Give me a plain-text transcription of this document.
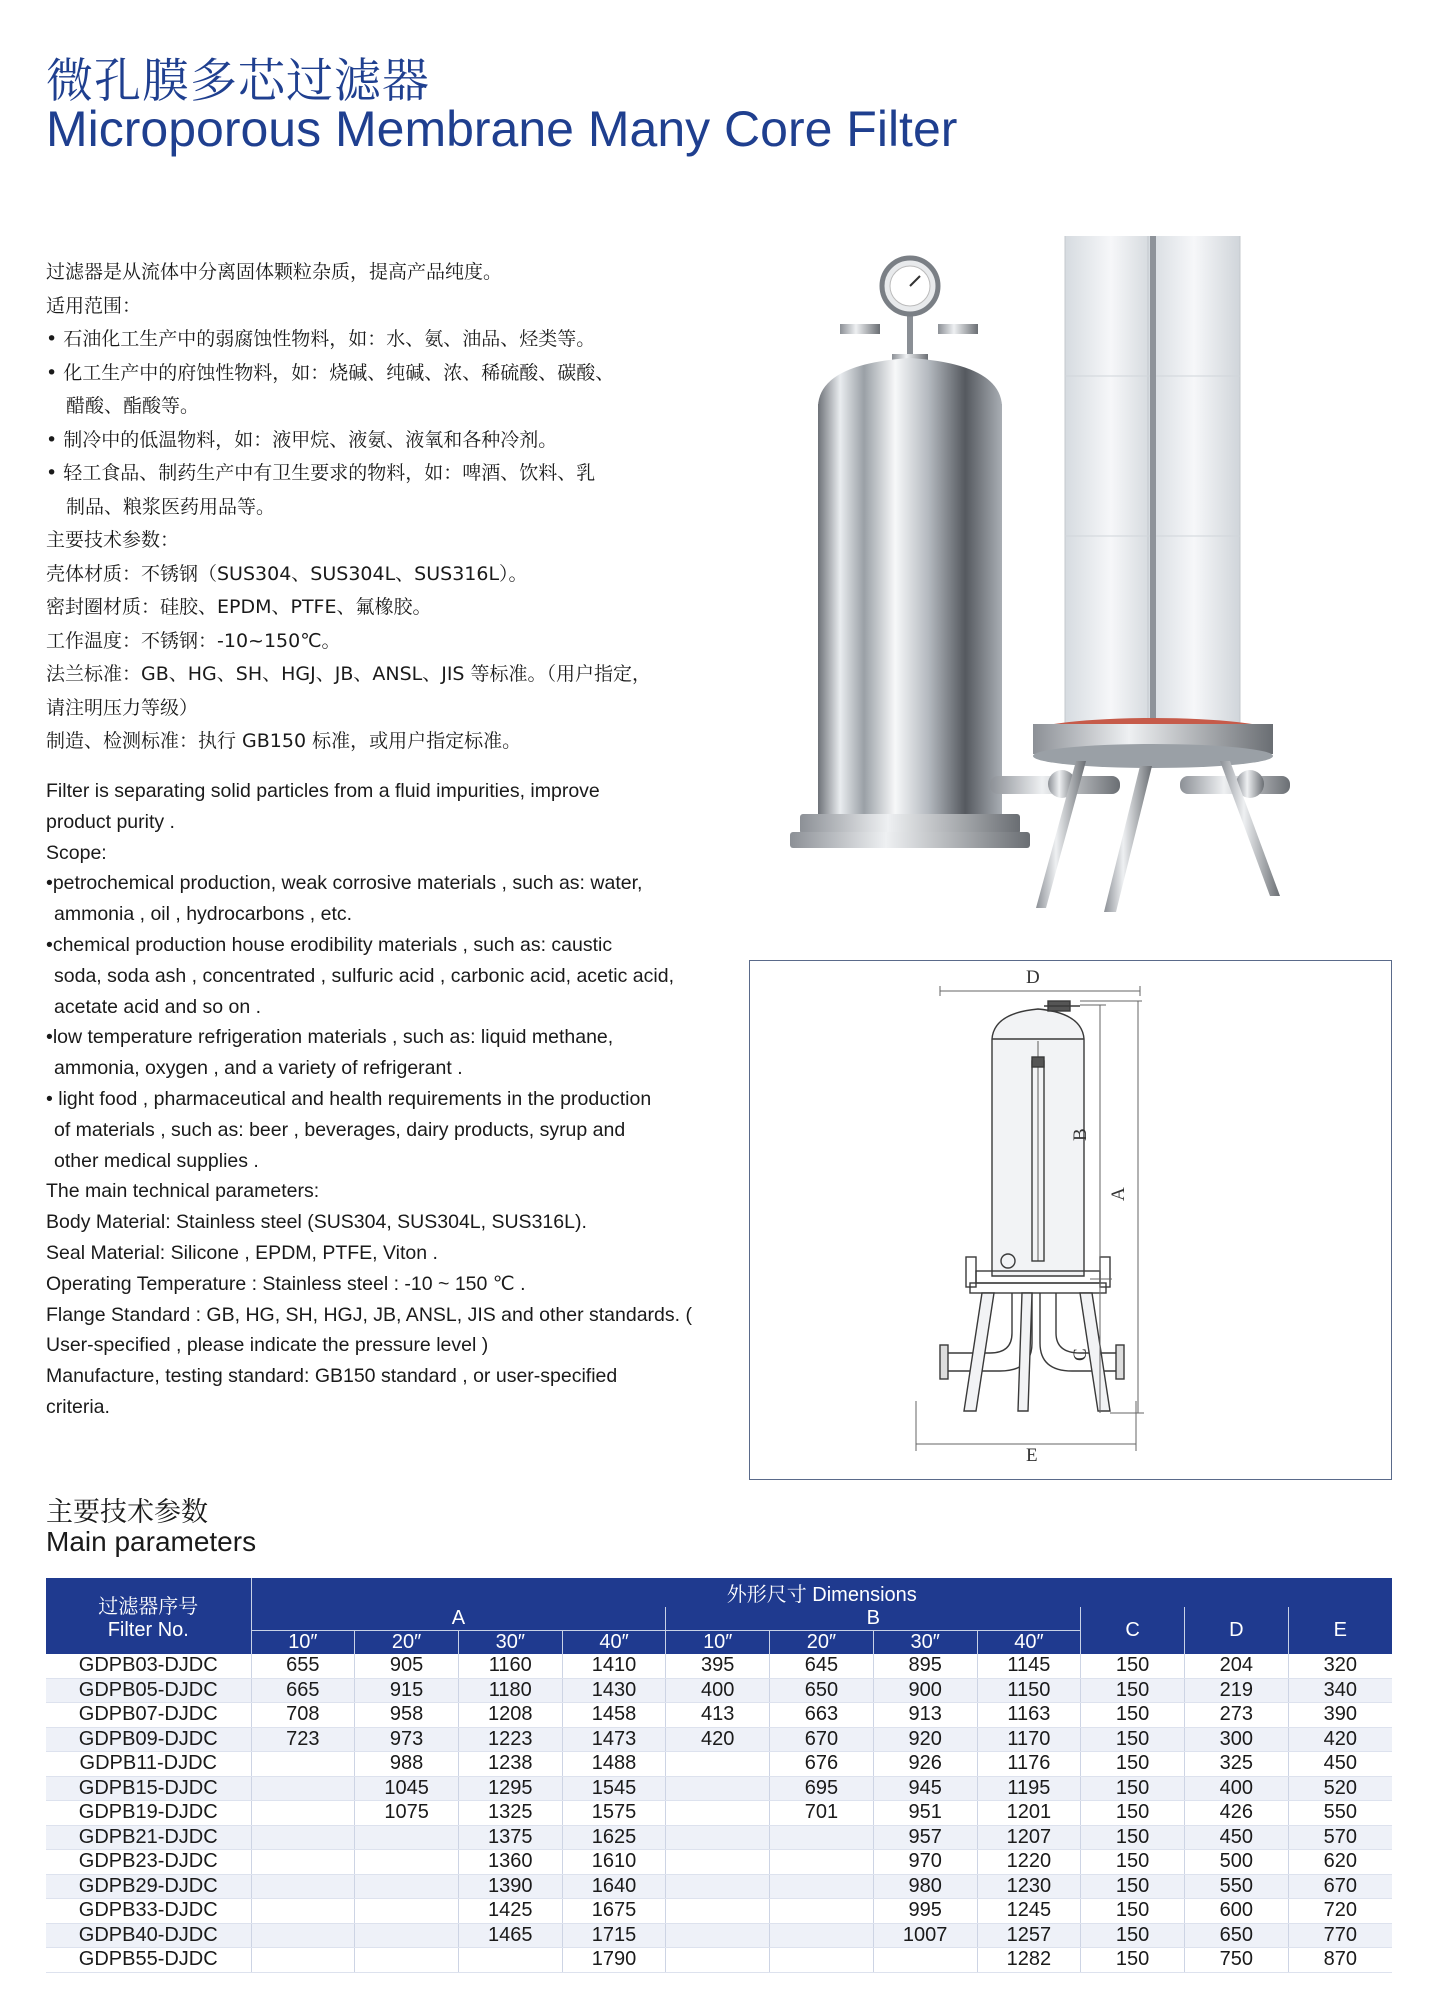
微孔膜多芯过滤器
Microporous Membrane Many Core Filter
过滤器是从流体中分离固体颗粒杂质，提高产品纯度。
适用范围：
• 石油化工生产中的弱腐蚀性物料，如：水、氨、油品、烃类等。
• 化工生产中的府蚀性物料，如：烧碱、纯碱、浓、稀硫酸、碳酸、
醋酸、酯酸等。
• 制冷中的低温物料，如：液甲烷、液氨、液氧和各种冷剂。
• 轻工食品、制药生产中有卫生要求的物料，如：啤酒、饮料、乳
制品、粮浆医药用品等。
主要技术参数：
壳体材质：不锈钢（SUS304、SUS304L、SUS316L）。
密封圈材质：硅胶、EPDM、PTFE、氟橡胶。
工作温度：不锈钢：-10~150℃。
法兰标准：GB、HG、SH、HGJ、JB、ANSL、JIS 等标准。（用户指定，
请注明压力等级）
制造、检测标准：执行 GB150 标准，或用户指定标准。
Filter is separating solid particles from a fluid impurities, improve
product purity .
Scope:
•petrochemical production, weak corrosive materials , such as: water,
ammonia , oil , hydrocarbons , etc.
•chemical production house erodibility materials , such as: caustic
soda, soda ash , concentrated , sulfuric acid , carbonic acid, acetic acid,
acetate acid and so on .
•low temperature refrigeration materials , such as: liquid methane,
ammonia, oxygen , and a variety of refrigerant .
• light food , pharmaceutical and health requirements in the production
of materials , such as: beer , beverages, dairy products, syrup and
other medical supplies .
The main technical parameters:
Body Material: Stainless steel (SUS304, SUS304L, SUS316L).
Seal Material: Silicone , EPDM, PTFE, Viton .
Operating Temperature : Stainless steel : -10 ~ 150 ℃ .
Flange Standard : GB, HG, SH, HGJ, JB, ANSL, JIS and other standards. (
User-specified , please indicate the pressure level )
Manufacture, testing standard: GB150 standard , or user-specified
criteria.
D
B
A
C
E
主要技术参数
Main parameters
过滤器序号
Filter No.	外形尺寸 Dimensions										
	A				B				C	D	E
	10″	20″	30″	40″	10″	20″	30″	40″			
GDPB03-DJDC	655	905	1160	1410	395	645	895	1145	150	204	320
GDPB05-DJDC	665	915	1180	1430	400	650	900	1150	150	219	340
GDPB07-DJDC	708	958	1208	1458	413	663	913	1163	150	273	390
GDPB09-DJDC	723	973	1223	1473	420	670	920	1170	150	300	420
GDPB11-DJDC		988	1238	1488		676	926	1176	150	325	450
GDPB15-DJDC		1045	1295	1545		695	945	1195	150	400	520
GDPB19-DJDC		1075	1325	1575		701	951	1201	150	426	550
GDPB21-DJDC			1375	1625			957	1207	150	450	570
GDPB23-DJDC			1360	1610			970	1220	150	500	620
GDPB29-DJDC			1390	1640			980	1230	150	550	670
GDPB33-DJDC			1425	1675			995	1245	150	600	720
GDPB40-DJDC			1465	1715			1007	1257	150	650	770
GDPB55-DJDC				1790				1282	150	750	870
